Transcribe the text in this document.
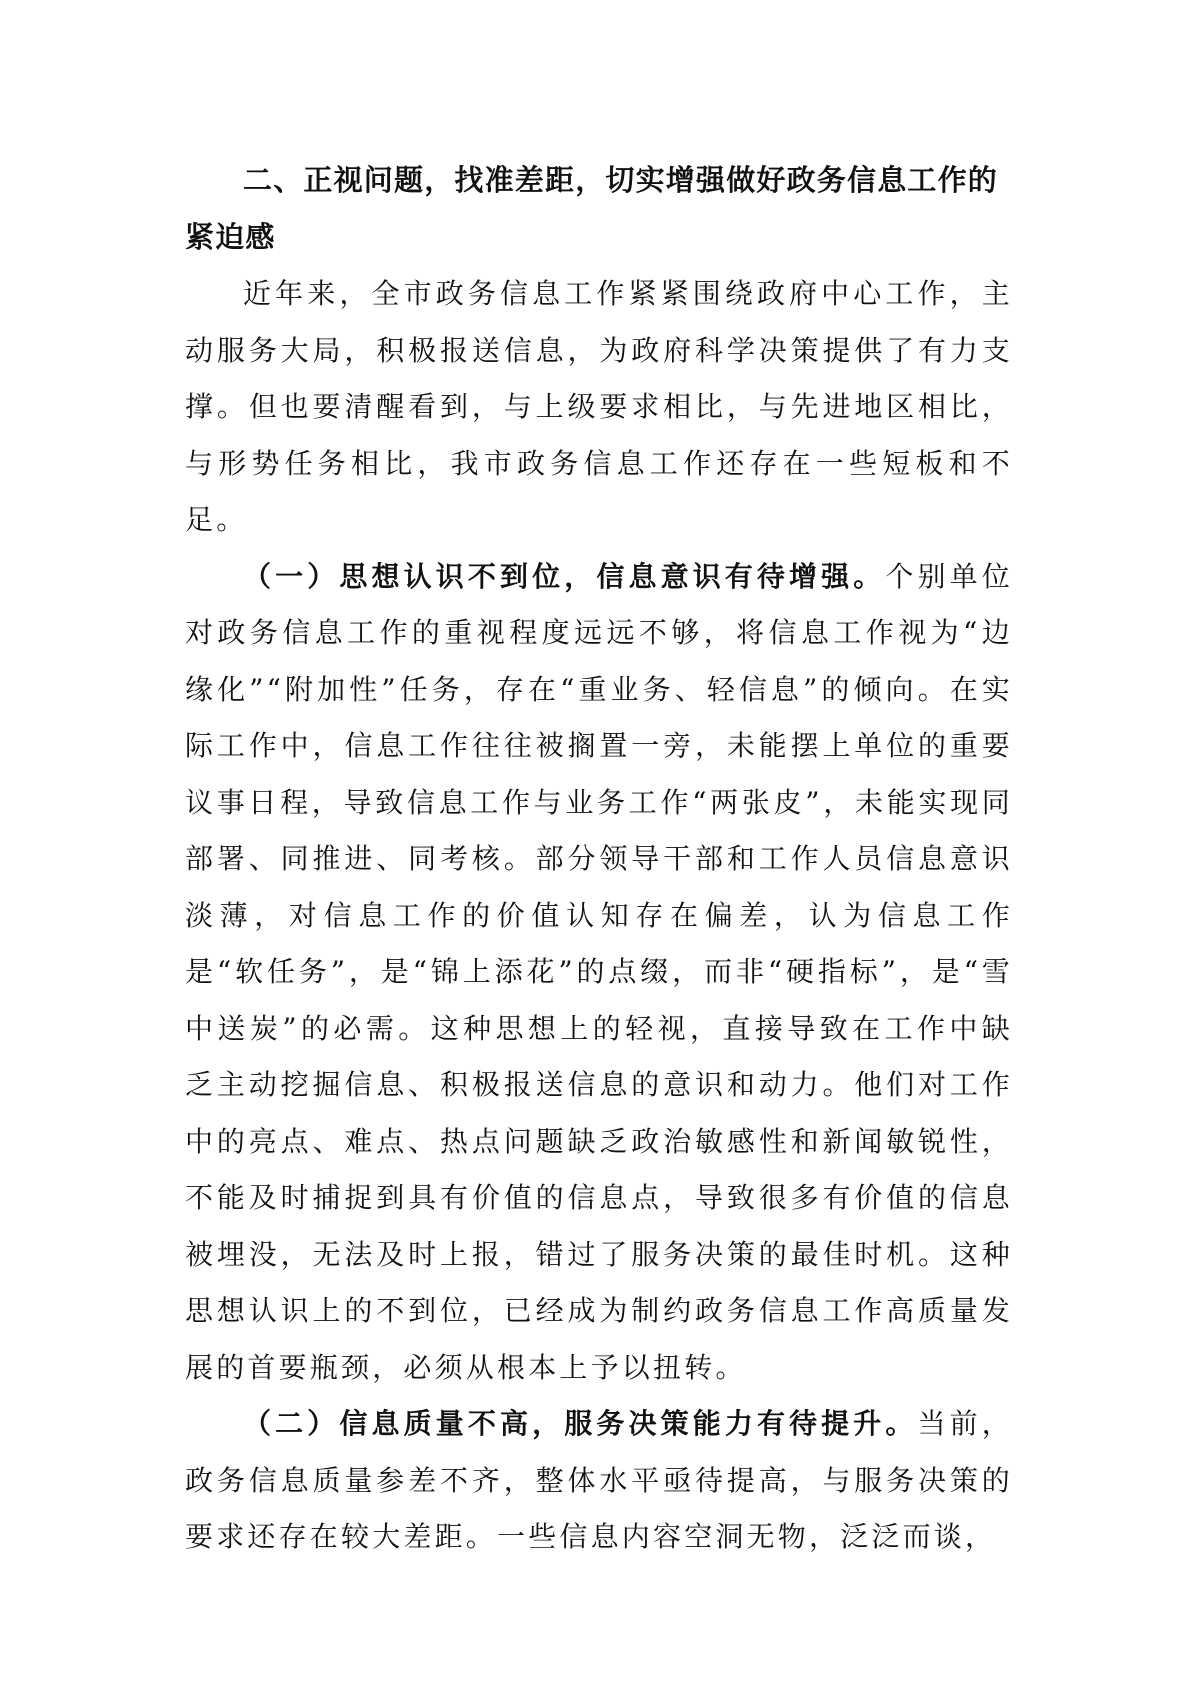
二、正视问题，找准差距，切实增强做好政务信息工作的紧迫感

近年来，全市政务信息工作紧紧围绕政府中心工作，主动服务大局，积极报送信息，为政府科学决策提供了有力支撑。但也要清醒看到，与上级要求相比，与先进地区相比，与形势任务相比，我市政务信息工作还存在一些短板和不足。

（一）思想认识不到位，信息意识有待增强。个别单位对政务信息工作的重视程度远远不够，将信息工作视为“边缘化”“附加性”任务，存在“重业务、轻信息”的倾向。在实际工作中，信息工作往往被搁置一旁，未能摆上单位的重要议事日程，导致信息工作与业务工作“两张皮”，未能实现同部署、同推进、同考核。部分领导干部和工作人员信息意识淡薄，对信息工作的价值认知存在偏差，认为信息工作是“软任务”，是“锦上添花”的点缀，而非“硬指标”，是“雪中送炭”的必需。这种思想上的轻视，直接导致在工作中缺乏主动挖掘信息、积极报送信息的意识和动力。他们对工作中的亮点、难点、热点问题缺乏政治敏感性和新闻敏锐性，不能及时捕捉到具有价值的信息点，导致很多有价值的信息被埋没，无法及时上报，错过了服务决策的最佳时机。这种思想认识上的不到位，已经成为制约政务信息工作高质量发展的首要瓶颈，必须从根本上予以扭转。

（二）信息质量不高，服务决策能力有待提升。当前，政务信息质量参差不齐，整体水平亟待提高，与服务决策的要求还存在较大差距。一些信息内容空洞无物，泛泛而谈，
